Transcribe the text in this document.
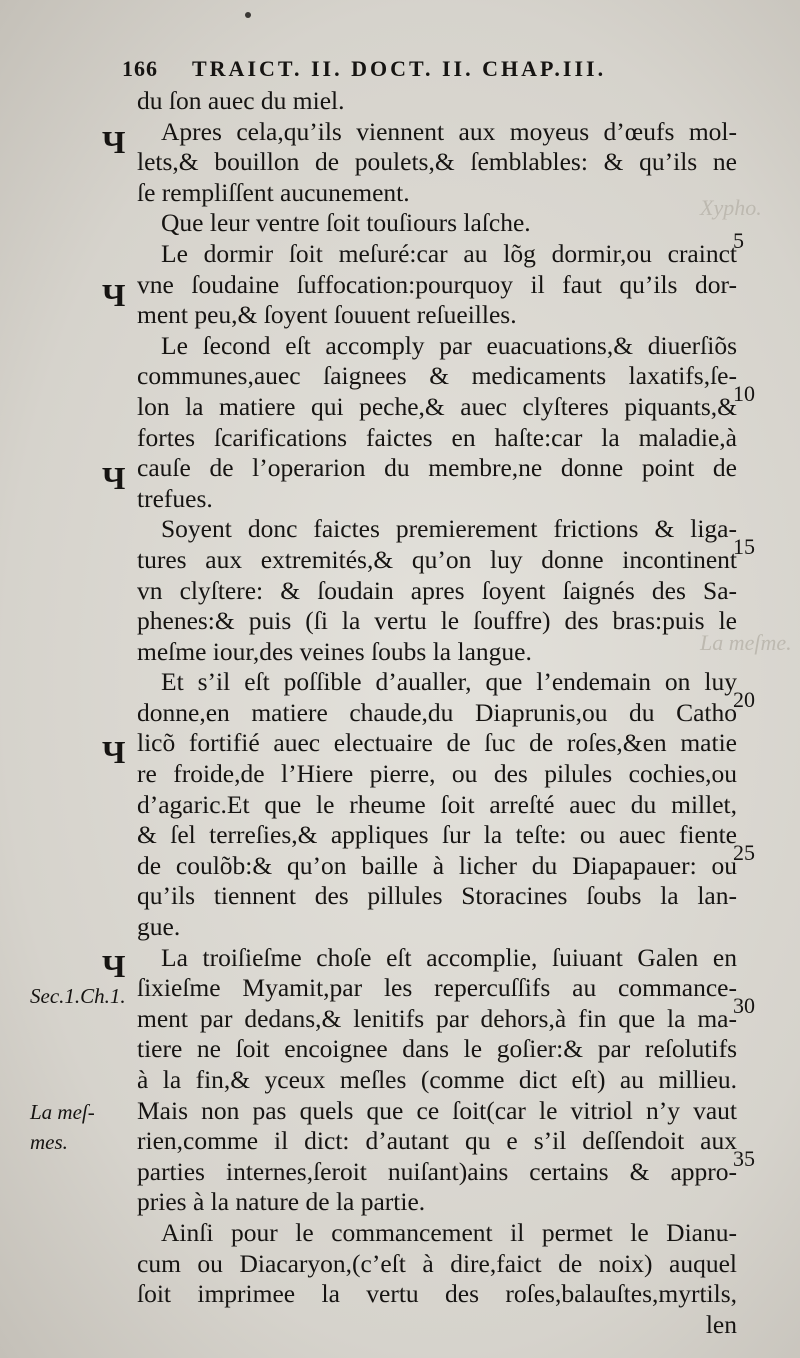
Xypho.
La meſme.
166 TRAICT. II. DOCT. II. CHAP.III.
du ſon auec du miel.
Apres cela,qu’ils viennent aux moyeus d’œufs mol-
lets,& bouillon de poulets,& ſemblables: & qu’ils ne
ſe rempliſſent aucunement.
Que leur ventre ſoit touſiours laſche.
Le dormir ſoit meſuré:car au lõg dormir,ou crainct
vne ſoudaine ſuffocation:pourquoy il faut qu’ils dor-
ment peu,& ſoyent ſouuent reſueilles.
Le ſecond eſt accomply par euacuations,& diuerſiõs
communes,auec ſaignees & medicaments laxatifs,ſe-
lon la matiere qui peche,& auec clyſteres piquants,&
fortes ſcarifications faictes en haſte:car la maladie,à
cauſe de l’operarion du membre,ne donne point de
trefues.
Soyent donc faictes premierement frictions & liga-
tures aux extremités,& qu’on luy donne incontinent
vn clyſtere: & ſoudain apres ſoyent ſaignés des Sa-
phenes:& puis (ſi la vertu le ſouffre) des bras:puis le
meſme iour,des veines ſoubs la langue.
Et s’il eſt poſſible d’aualler, que l’endemain on luy
donne,en matiere chaude,du Diaprunis,ou du Catho
licõ fortifié auec electuaire de ſuc de roſes,&en matie
re froide,de l’Hiere pierre, ou des pilules cochies,ou
d’agaric.Et que le rheume ſoit arreſté auec du millet,
& ſel terreſies,& appliques ſur la teſte: ou auec fiente
de coulõb:& qu’on baille à licher du Diapapauer: ou
qu’ils tiennent des pillules Storacines ſoubs la lan-
gue.
La troiſieſme choſe eſt accomplie, ſuiuant Galen en
ſixieſme Myamit,par les repercuſſifs au commance-
ment par dedans,& lenitifs par dehors,à fin que la ma-
tiere ne ſoit encoignee dans le goſier:& par reſolutifs
à la fin,& yceux meſles (comme dict eſt) au millieu.
Mais non pas quels que ce ſoit(car le vitriol n’y vaut
rien,comme il dict: d’autant qu e s’il deſſendoit aux
parties internes,ſeroit nuiſant)ains certains & appro-
pries à la nature de la partie.
Ainſi pour le commancement il permet le Dianu-
cum ou Diacaryon,(c’eſt à dire,faict de noix) auquel
ſoit imprimee la vertu des roſes,balauſtes,myrtils,
len
Ч
Ч
Ч
Ч
Ч
Sec.1.Ch.1.
La meſ-
mes.
5
10
15
20
25
30
35
